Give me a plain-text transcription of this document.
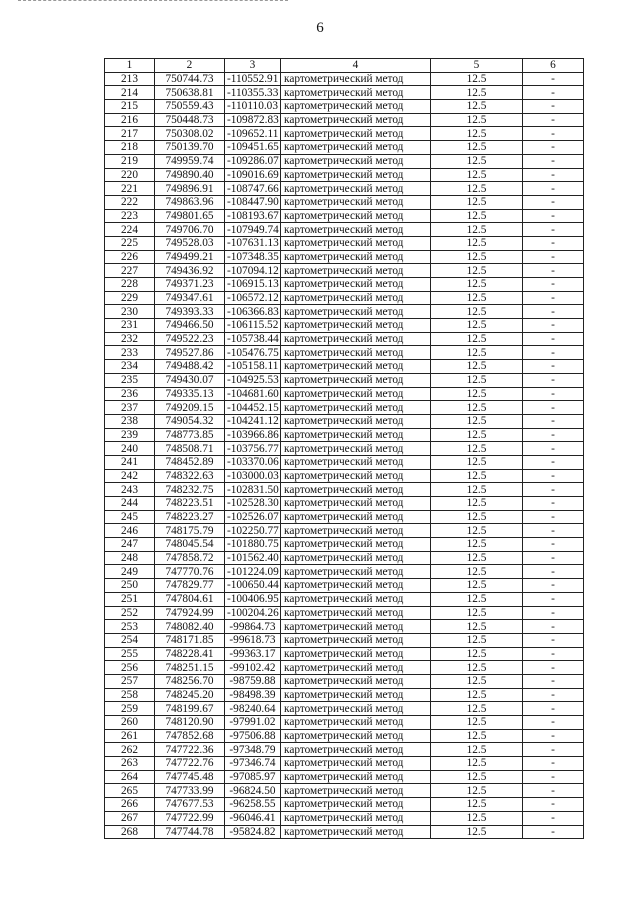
6
1	2	3	4	5	6
213	750744.73	-110552.91	картометрический метод	12.5	-
214	750638.81	-110355.33	картометрический метод	12.5	-
215	750559.43	-110110.03	картометрический метод	12.5	-
216	750448.73	-109872.83	картометрический метод	12.5	-
217	750308.02	-109652.11	картометрический метод	12.5	-
218	750139.70	-109451.65	картометрический метод	12.5	-
219	749959.74	-109286.07	картометрический метод	12.5	-
220	749890.40	-109016.69	картометрический метод	12.5	-
221	749896.91	-108747.66	картометрический метод	12.5	-
222	749863.96	-108447.90	картометрический метод	12.5	-
223	749801.65	-108193.67	картометрический метод	12.5	-
224	749706.70	-107949.74	картометрический метод	12.5	-
225	749528.03	-107631.13	картометрический метод	12.5	-
226	749499.21	-107348.35	картометрический метод	12.5	-
227	749436.92	-107094.12	картометрический метод	12.5	-
228	749371.23	-106915.13	картометрический метод	12.5	-
229	749347.61	-106572.12	картометрический метод	12.5	-
230	749393.33	-106366.83	картометрический метод	12.5	-
231	749466.50	-106115.52	картометрический метод	12.5	-
232	749522.23	-105738.44	картометрический метод	12.5	-
233	749527.86	-105476.75	картометрический метод	12.5	-
234	749488.42	-105158.11	картометрический метод	12.5	-
235	749430.07	-104925.53	картометрический метод	12.5	-
236	749335.13	-104681.60	картометрический метод	12.5	-
237	749209.15	-104452.15	картометрический метод	12.5	-
238	749054.32	-104241.12	картометрический метод	12.5	-
239	748773.85	-103966.86	картометрический метод	12.5	-
240	748508.71	-103756.77	картометрический метод	12.5	-
241	748452.89	-103370.06	картометрический метод	12.5	-
242	748322.63	-103000.03	картометрический метод	12.5	-
243	748232.75	-102831.50	картометрический метод	12.5	-
244	748223.51	-102528.30	картометрический метод	12.5	-
245	748223.27	-102526.07	картометрический метод	12.5	-
246	748175.79	-102250.77	картометрический метод	12.5	-
247	748045.54	-101880.75	картометрический метод	12.5	-
248	747858.72	-101562.40	картометрический метод	12.5	-
249	747770.76	-101224.09	картометрический метод	12.5	-
250	747829.77	-100650.44	картометрический метод	12.5	-
251	747804.61	-100406.95	картометрический метод	12.5	-
252	747924.99	-100204.26	картометрический метод	12.5	-
253	748082.40	-99864.73	картометрический метод	12.5	-
254	748171.85	-99618.73	картометрический метод	12.5	-
255	748228.41	-99363.17	картометрический метод	12.5	-
256	748251.15	-99102.42	картометрический метод	12.5	-
257	748256.70	-98759.88	картометрический метод	12.5	-
258	748245.20	-98498.39	картометрический метод	12.5	-
259	748199.67	-98240.64	картометрический метод	12.5	-
260	748120.90	-97991.02	картометрический метод	12.5	-
261	747852.68	-97506.88	картометрический метод	12.5	-
262	747722.36	-97348.79	картометрический метод	12.5	-
263	747722.76	-97346.74	картометрический метод	12.5	-
264	747745.48	-97085.97	картометрический метод	12.5	-
265	747733.99	-96824.50	картометрический метод	12.5	-
266	747677.53	-96258.55	картометрический метод	12.5	-
267	747722.99	-96046.41	картометрический метод	12.5	-
268	747744.78	-95824.82	картометрический метод	12.5	-
